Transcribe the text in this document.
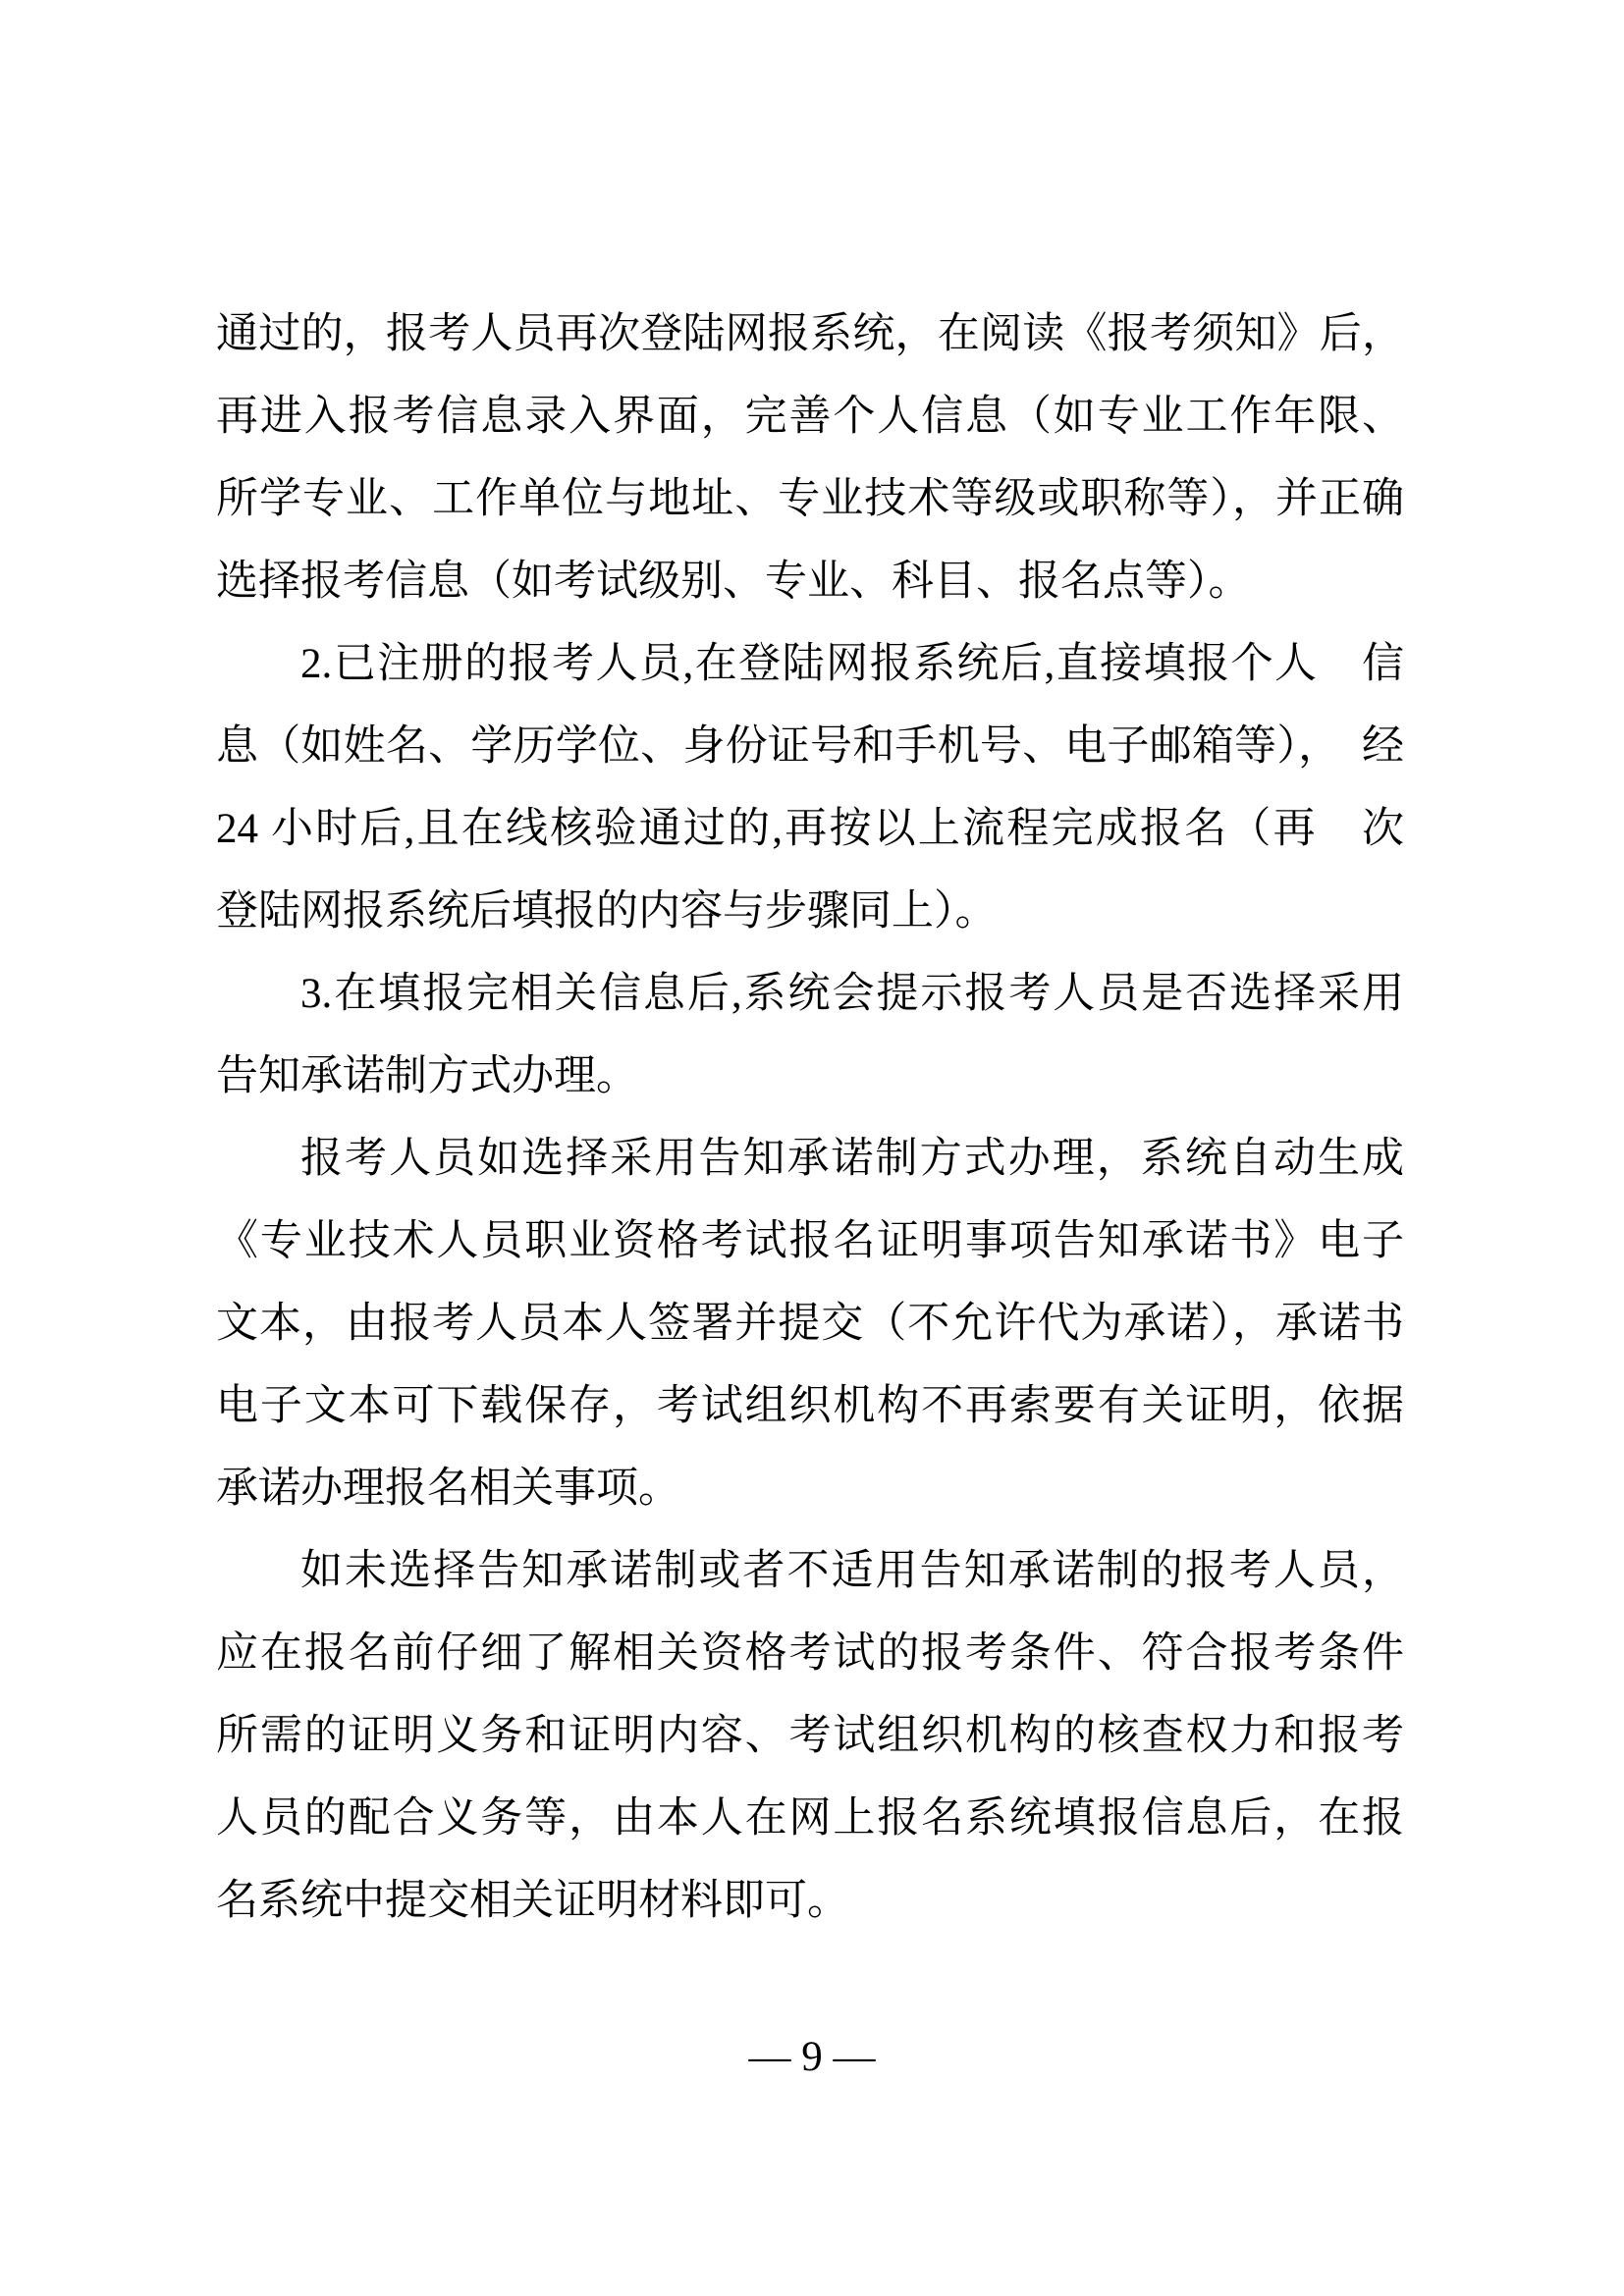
通过的，报考人员再次登陆网报系统，在阅读《报考须知》后，
再进入报考信息录入界面，完善个人信息（如专业工作年限、
所学专业、工作单位与地址、专业技术等级或职称等），并正确
选择报考信息（如考试级别、专业、科目、报名点等）。
2.已注册的报考人员,在登陆网报系统后,直接填报个人　信
息（如姓名、学历学位、身份证号和手机号、电子邮箱等），　经
24 小时后,且在线核验通过的,再按以上流程完成报名（再　次
登陆网报系统后填报的内容与步骤同上）。
3.在填报完相关信息后,系统会提示报考人员是否选择采用
告知承诺制方式办理。
报考人员如选择采用告知承诺制方式办理，系统自动生成
《专业技术人员职业资格考试报名证明事项告知承诺书》电子
文本，由报考人员本人签署并提交（不允许代为承诺），承诺书
电子文本可下载保存，考试组织机构不再索要有关证明，依据
承诺办理报名相关事项。
如未选择告知承诺制或者不适用告知承诺制的报考人员，
应在报名前仔细了解相关资格考试的报考条件、符合报考条件
所需的证明义务和证明内容、考试组织机构的核查权力和报考
人员的配合义务等，由本人在网上报名系统填报信息后，在报
名系统中提交相关证明材料即可。
— 9 —
